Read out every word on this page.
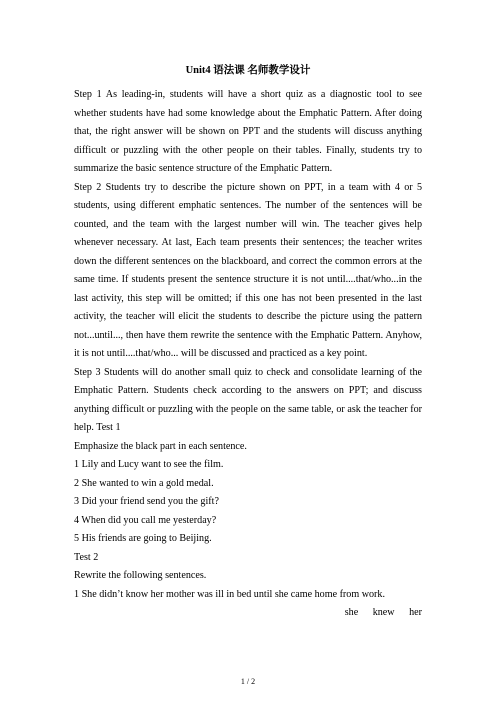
Unit4 语法课 名师教学设计

Step 1 As leading-in, students will have a short quiz as a diagnostic tool to see whether students have had some knowledge about the Emphatic Pattern. After doing that, the right answer will be shown on PPT and the students will discuss anything difficult or puzzling with the other people on their tables. Finally, students try to summarize the basic sentence structure of the Emphatic Pattern.

Step 2 Students try to describe the picture shown on PPT, in a team with 4 or 5 students, using different emphatic sentences. The number of the sentences will be counted, and the team with the largest number will win. The teacher gives help whenever necessary. At last, Each team presents their sentences; the teacher writes down the different sentences on the blackboard, and correct the common errors at the same time. If students present the sentence structure it is not until....that/who...in the last activity, this step will be omitted; if this one has not been presented in the last activity, the teacher will elicit the students to describe the picture using the pattern not...until..., then have them rewrite the sentence with the Emphatic Pattern. Anyhow, it is not until....that/who... will be discussed and practiced as a key point.

Step 3 Students will do another small quiz to check and consolidate learning of the Emphatic Pattern. Students check according to the answers on PPT; and discuss anything difficult or puzzling with the people on the same table, or ask the teacher for help. Test 1

Emphasize the black part in each sentence.

1 Lily and Lucy want to see the film.

2 She wanted to win a gold medal.

3 Did your friend send you the gift?

4 When did you call me yesterday?

5 His friends are going to Beijing.

Test 2

Rewrite the following sentences.

1 She didn’t know her mother was ill in bed until she came home from work.

she knew her

1 / 2
